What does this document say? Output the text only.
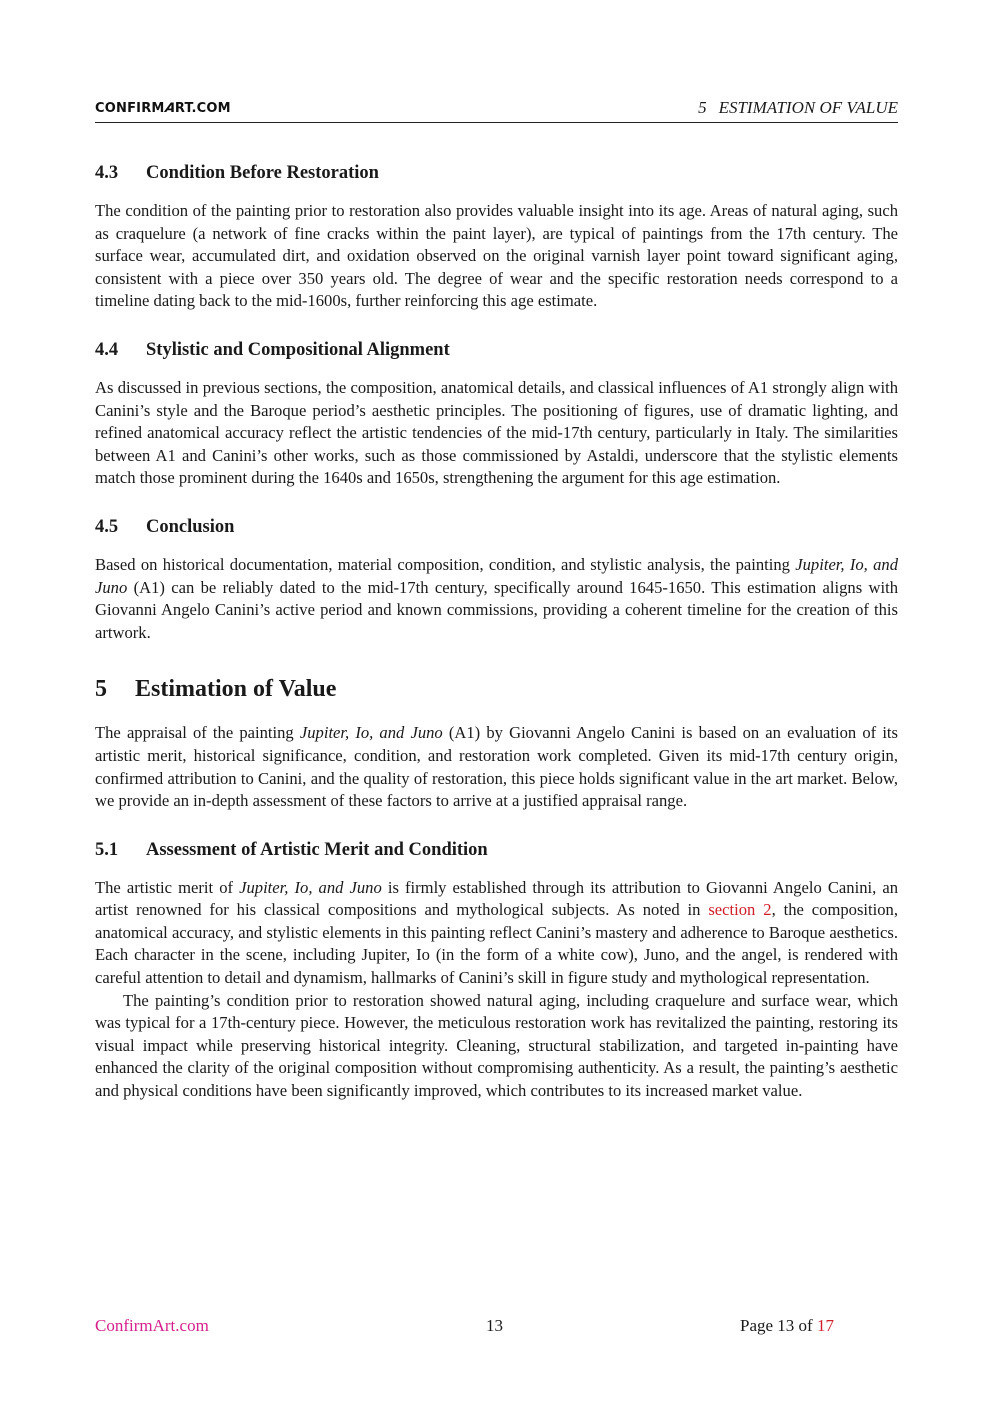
CONFIRMART.COM	5 ESTIMATION OF VALUE
4.3 Condition Before Restoration

The condition of the painting prior to restoration also provides valuable insight into its age. Areas of natural aging, such as craquelure (a network of fine cracks within the paint layer), are typical of paintings from the 17th century. The surface wear, accumulated dirt, and oxidation observed on the original varnish layer point toward significant aging, consistent with a piece over 350 years old. The degree of wear and the specific restoration needs correspond to a timeline dating back to the mid-1600s, further reinforcing this age estimate.

4.4 Stylistic and Compositional Alignment

As discussed in previous sections, the composition, anatomical details, and classical influences of A1 strongly align with Canini’s style and the Baroque period’s aesthetic principles. The positioning of figures, use of dramatic lighting, and refined anatomical accuracy reflect the artistic tendencies of the mid-17th century, particularly in Italy. The similarities between A1 and Canini’s other works, such as those commissioned by Astaldi, underscore that the stylistic elements match those prominent during the 1640s and 1650s, strengthening the argument for this age estimation.

4.5 Conclusion

Based on historical documentation, material composition, condition, and stylistic analysis, the painting Jupiter, Io, and Juno (A1) can be reliably dated to the mid-17th century, specifically around 1645-1650. This estimation aligns with Giovanni Angelo Canini’s active period and known commissions, providing a coherent timeline for the creation of this artwork.

5 Estimation of Value

The appraisal of the painting Jupiter, Io, and Juno (A1) by Giovanni Angelo Canini is based on an evaluation of its artistic merit, historical significance, condition, and restoration work completed. Given its mid-17th century origin, confirmed attribution to Canini, and the quality of restoration, this piece holds significant value in the art market. Below, we provide an in-depth assessment of these factors to arrive at a justified appraisal range.

5.1 Assessment of Artistic Merit and Condition

The artistic merit of Jupiter, Io, and Juno is firmly established through its attribution to Giovanni Angelo Canini, an artist renowned for his classical compositions and mythological subjects. As noted in section 2, the composition, anatomical accuracy, and stylistic elements in this painting reflect Canini’s mastery and adherence to Baroque aesthetics. Each character in the scene, including Jupiter, Io (in the form of a white cow), Juno, and the angel, is rendered with careful attention to detail and dynamism, hallmarks of Canini’s skill in figure study and mythological representation.

The painting’s condition prior to restoration showed natural aging, including craquelure and surface wear, which was typical for a 17th-century piece. However, the meticulous restoration work has revitalized the painting, restoring its visual impact while preserving historical integrity. Cleaning, structural stabilization, and targeted in-painting have enhanced the clarity of the original composition without compromising authenticity. As a result, the painting’s aesthetic and physical conditions have been significantly improved, which contributes to its increased market value.

ConfirmArt.com	13	Page 13 of 17
